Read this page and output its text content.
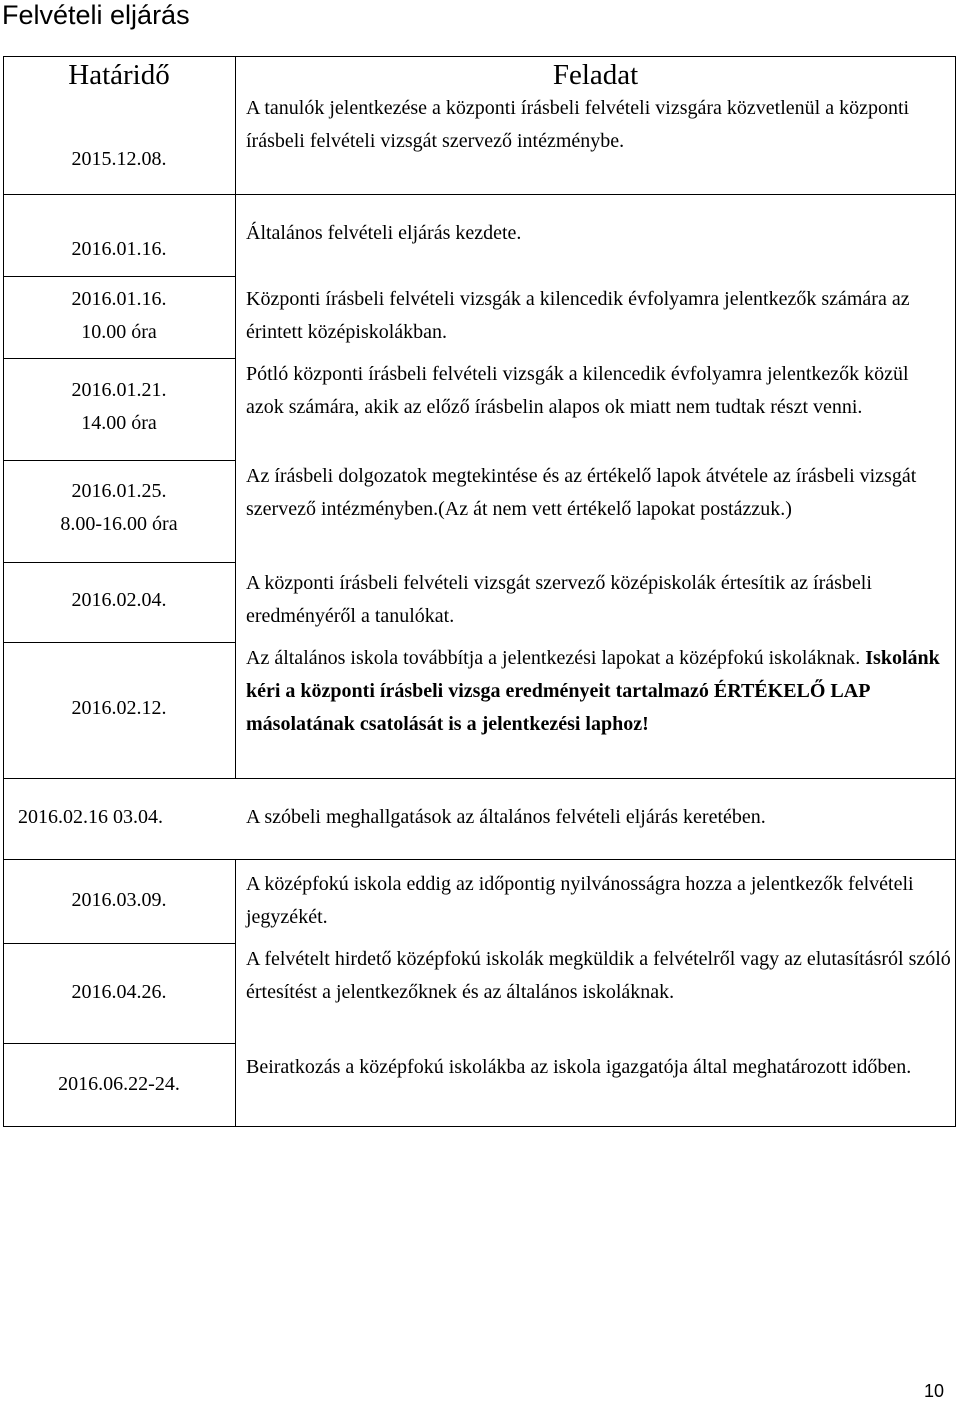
Felvételi eljárás
Határidő	Feladat
2015.12.08.
A tanulók jelentkezése a központi írásbeli felvételi vizsgára közvetlenül a központi írásbeli felvételi vizsgát szervező intézménybe.
2016.01.16.
Általános felvételi eljárás kezdete.
2016.01.16.
10.00 óra
Központi írásbeli felvételi vizsgák a kilencedik évfolyamra jelentkezők számára az érintett középiskolákban.
2016.01.21.
14.00 óra
Pótló központi írásbeli felvételi vizsgák a kilencedik évfolyamra jelentkezők közül azok számára, akik az előző írásbelin alapos ok miatt nem tudtak részt venni.
2016.01.25.
8.00-16.00 óra
Az írásbeli dolgozatok megtekintése és az értékelő lapok átvétele az írásbeli vizsgát szervező intézményben.(Az át nem vett értékelő lapokat postázzuk.)
2016.02.04.
A központi írásbeli felvételi vizsgát szervező középiskolák értesítik az írásbeli eredményéről a tanulókat.
2016.02.12.
Az általános iskola továbbítja a jelentkezési lapokat a középfokú iskoláknak. Iskolánk kéri a központi írásbeli vizsga eredményeit tartalmazó ÉRTÉKELŐ LAP másolatának csatolását is a jelentkezési laphoz!
2016.02.16 03.04.	A szóbeli meghallgatások az általános felvételi eljárás keretében.
2016.03.09.
A középfokú iskola eddig az időpontig nyilvánosságra hozza a jelentkezők felvételi jegyzékét.
2016.04.26.
A felvételt hirdető középfokú iskolák megküldik a felvételről vagy az elutasításról szóló értesítést a jelentkezőknek és az általános iskoláknak.
2016.06.22-24.
Beiratkozás a középfokú iskolákba az iskola igazgatója által meghatározott időben.
10
